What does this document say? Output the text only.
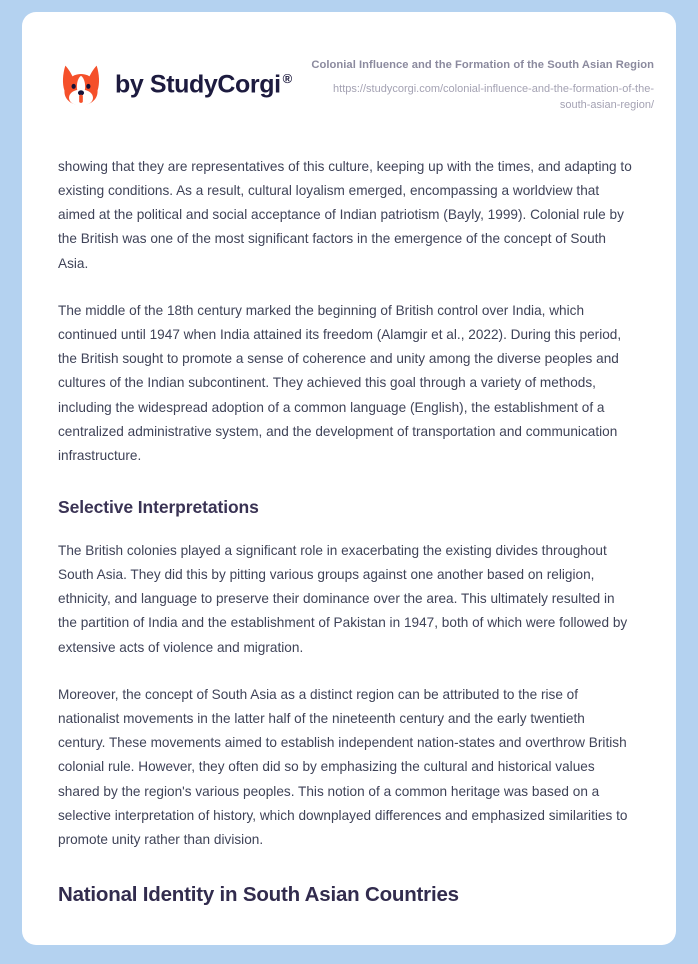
by StudyCorgi ®
Colonial Influence and the Formation of the South Asian Region
https://studycorgi.com/colonial-influence-and-the-formation-of-the-south-asian-region/

showing that they are representatives of this culture, keeping up with the times, and adapting to existing conditions. As a result, cultural loyalism emerged, encompassing a worldview that aimed at the political and social acceptance of Indian patriotism (Bayly, 1999). Colonial rule by the British was one of the most significant factors in the emergence of the concept of South Asia.

The middle of the 18th century marked the beginning of British control over India, which continued until 1947 when India attained its freedom (Alamgir et al., 2022). During this period, the British sought to promote a sense of coherence and unity among the diverse peoples and cultures of the Indian subcontinent. They achieved this goal through a variety of methods, including the widespread adoption of a common language (English), the establishment of a centralized administrative system, and the development of transportation and communication infrastructure.

Selective Interpretations

The British colonies played a significant role in exacerbating the existing divides throughout South Asia. They did this by pitting various groups against one another based on religion, ethnicity, and language to preserve their dominance over the area. This ultimately resulted in the partition of India and the establishment of Pakistan in 1947, both of which were followed by extensive acts of violence and migration.

Moreover, the concept of South Asia as a distinct region can be attributed to the rise of nationalist movements in the latter half of the nineteenth century and the early twentieth century. These movements aimed to establish independent nation-states and overthrow British colonial rule. However, they often did so by emphasizing the cultural and historical values shared by the region's various peoples. This notion of a common heritage was based on a selective interpretation of history, which downplayed differences and emphasized similarities to promote unity rather than division.

National Identity in South Asian Countries
